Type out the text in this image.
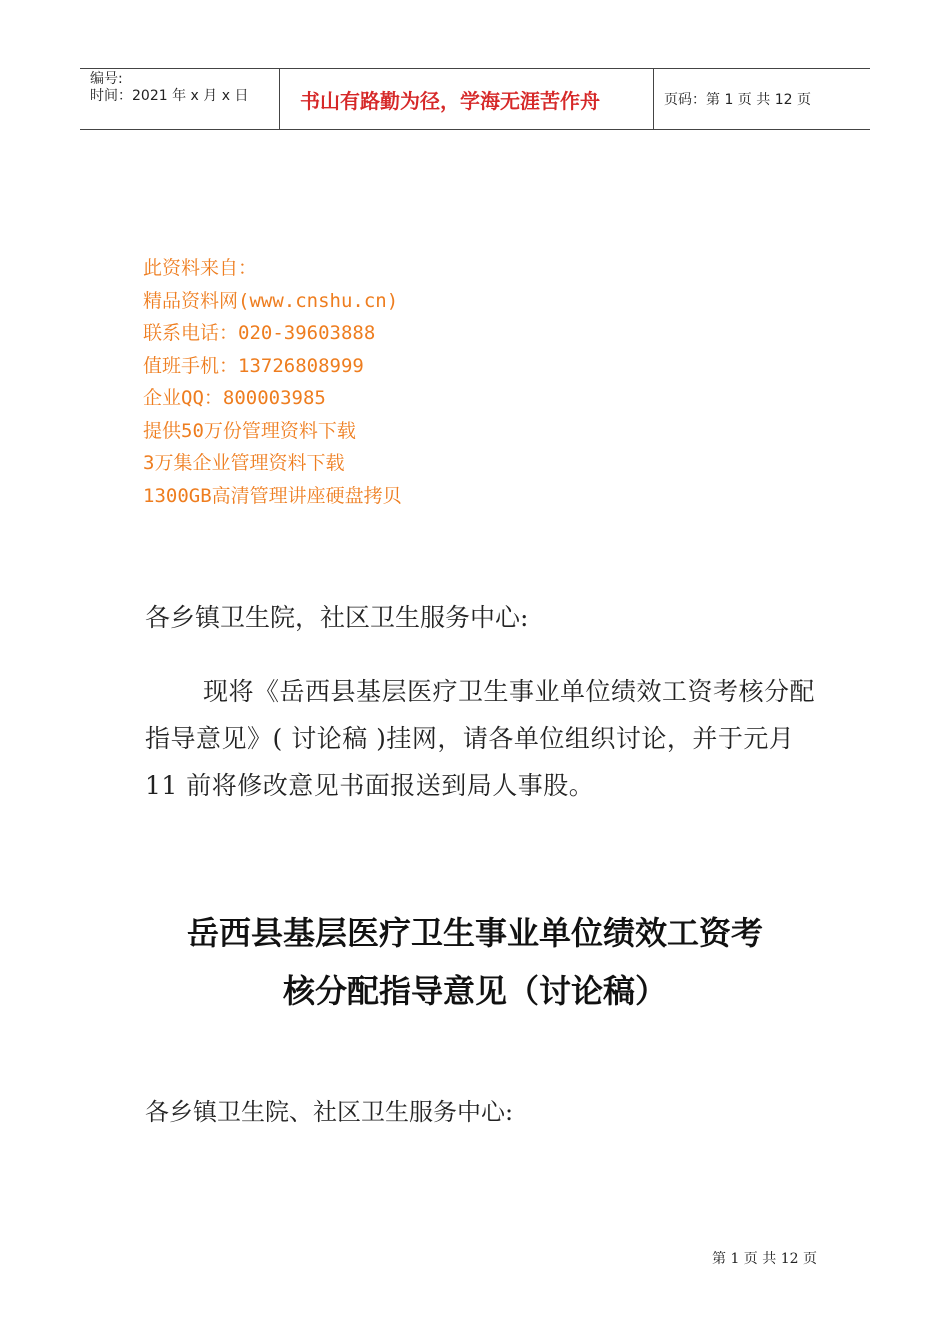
编号:
时间：2021 年 x 月 x 日	书山有路勤为径，学海无涯苦作舟	页码：第 1 页 共 12 页
此资料来自：
精品资料网(www.cnshu.cn)
联系电话：020-39603888
值班手机：13726808999
企业QQ：800003985
提供50万份管理资料下载
3万集企业管理资料下载
1300GB高清管理讲座硬盘拷贝
各乡镇卫生院，社区卫生服务中心:
现将《岳西县基层医疗卫生事业单位绩效工资考核分配指导意见》( 讨论稿 )挂网，请各单位组织讨论，并于元月 11 前将修改意见书面报送到局人事股。
岳西县基层医疗卫生事业单位绩效工资考
核分配指导意见（讨论稿）
各乡镇卫生院、社区卫生服务中心:
第 1 页 共 12 页
